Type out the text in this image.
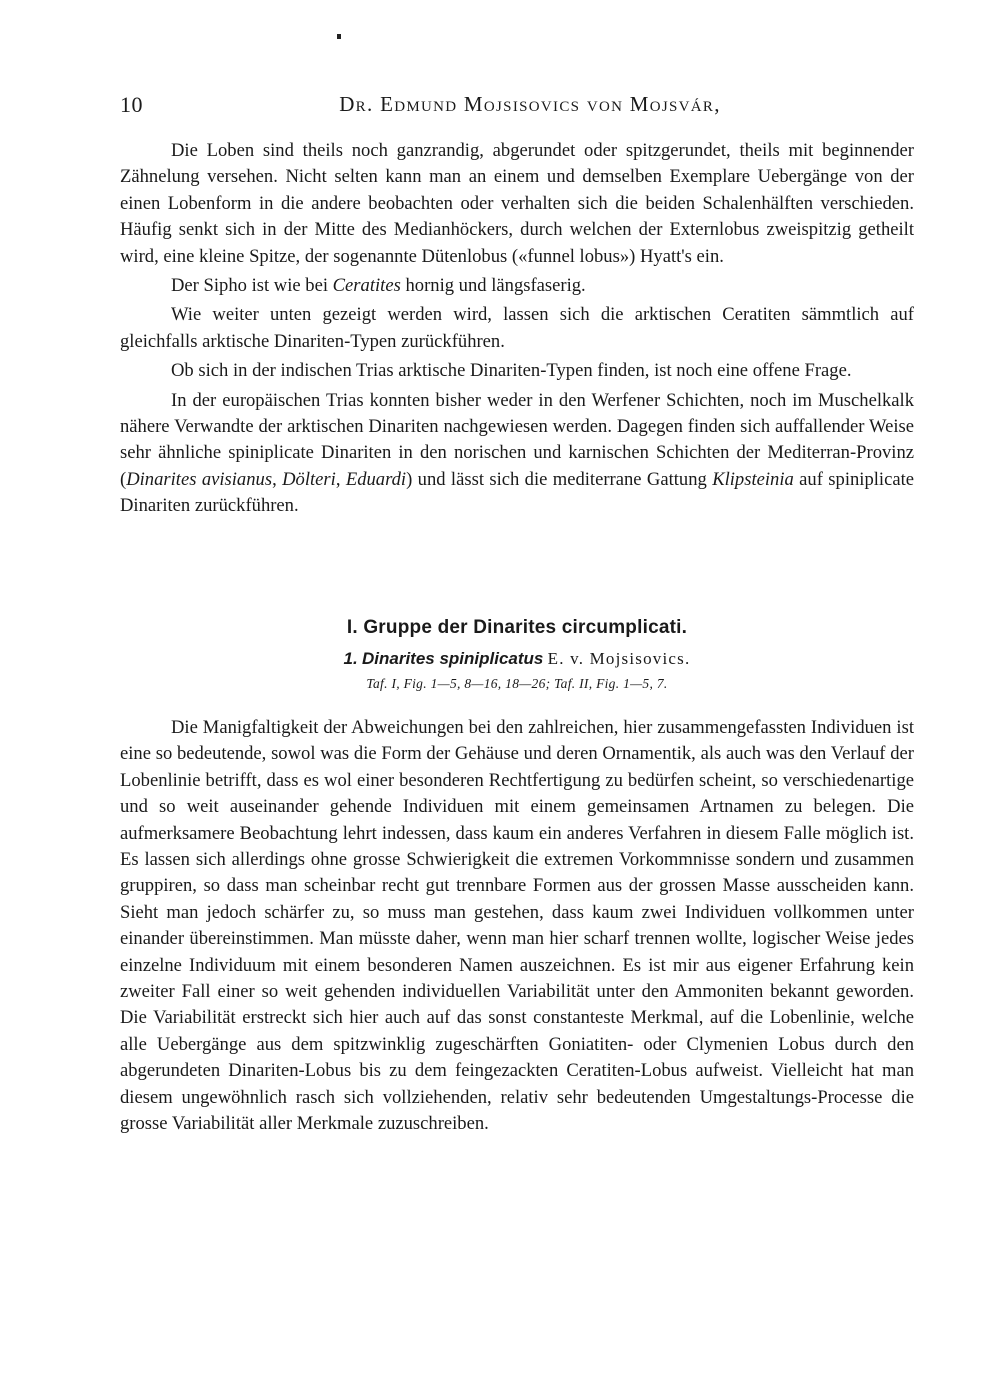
10	Dr. Edmund Mojsisovics von Mojsvár,

Die Loben sind theils noch ganzrandig, abgerundet oder spitzgerundet, theils mit beginnender Zähnelung versehen. Nicht selten kann man an einem und demselben Exemplare Uebergänge von der einen Lobenform in die andere beobachten oder verhalten sich die beiden Schalenhälften verschieden. Häufig senkt sich in der Mitte des Medianhöckers, durch welchen der Externlobus zweispitzig getheilt wird, eine kleine Spitze, der sogenannte Dütenlobus («funnel lobus») Hyatt's ein.

Der Sipho ist wie bei Ceratites hornig und längsfaserig.

Wie weiter unten gezeigt werden wird, lassen sich die arktischen Ceratiten sämmtlich auf gleichfalls arktische Dinariten-Typen zurückführen.

Ob sich in der indischen Trias arktische Dinariten-Typen finden, ist noch eine offene Frage.

In der europäischen Trias konnten bisher weder in den Werfener Schichten, noch im Muschelkalk nähere Verwandte der arktischen Dinariten nachgewiesen werden. Dagegen finden sich auffallender Weise sehr ähnliche spiniplicate Dinariten in den norischen und karnischen Schichten der Mediterran-Provinz (Dinarites avisianus, Dölteri, Eduardi) und lässt sich die mediterrane Gattung Klipsteinia auf spiniplicate Dinariten zurückführen.

I. Gruppe der Dinarites circumplicati.
1. Dinarites spiniplicatus E. v. Mojsisovics.
Taf. I, Fig. 1—5, 8—16, 18—26; Taf. II, Fig. 1—5, 7.

Die Manigfaltigkeit der Abweichungen bei den zahlreichen, hier zusammengefassten Individuen ist eine so bedeutende, sowol was die Form der Gehäuse und deren Ornamentik, als auch was den Verlauf der Lobenlinie betrifft, dass es wol einer besonderen Rechtfertigung zu bedürfen scheint, so verschiedenartige und so weit auseinander gehende Individuen mit einem gemeinsamen Artnamen zu belegen. Die aufmerksamere Beobachtung lehrt indessen, dass kaum ein anderes Verfahren in diesem Falle möglich ist. Es lassen sich allerdings ohne grosse Schwierigkeit die extremen Vorkommnisse sondern und zusammen gruppiren, so dass man scheinbar recht gut trennbare Formen aus der grossen Masse ausscheiden kann. Sieht man jedoch schärfer zu, so muss man gestehen, dass kaum zwei Individuen vollkommen unter einander übereinstimmen. Man müsste daher, wenn man hier scharf trennen wollte, logischer Weise jedes einzelne Individuum mit einem besonderen Namen auszeichnen. Es ist mir aus eigener Erfahrung kein zweiter Fall einer so weit gehenden individuellen Variabilität unter den Ammoniten bekannt geworden. Die Variabilität erstreckt sich hier auch auf das sonst constanteste Merkmal, auf die Lobenlinie, welche alle Uebergänge aus dem spitzwinklig zugeschärften Goniatiten- oder Clymenien Lobus durch den abgerundeten Dinariten-Lobus bis zu dem feingezackten Ceratiten-Lobus aufweist. Vielleicht hat man diesem ungewöhnlich rasch sich vollziehenden, relativ sehr bedeutenden Umgestaltungs-Processe die grosse Variabilität aller Merkmale zuzuschreiben.
